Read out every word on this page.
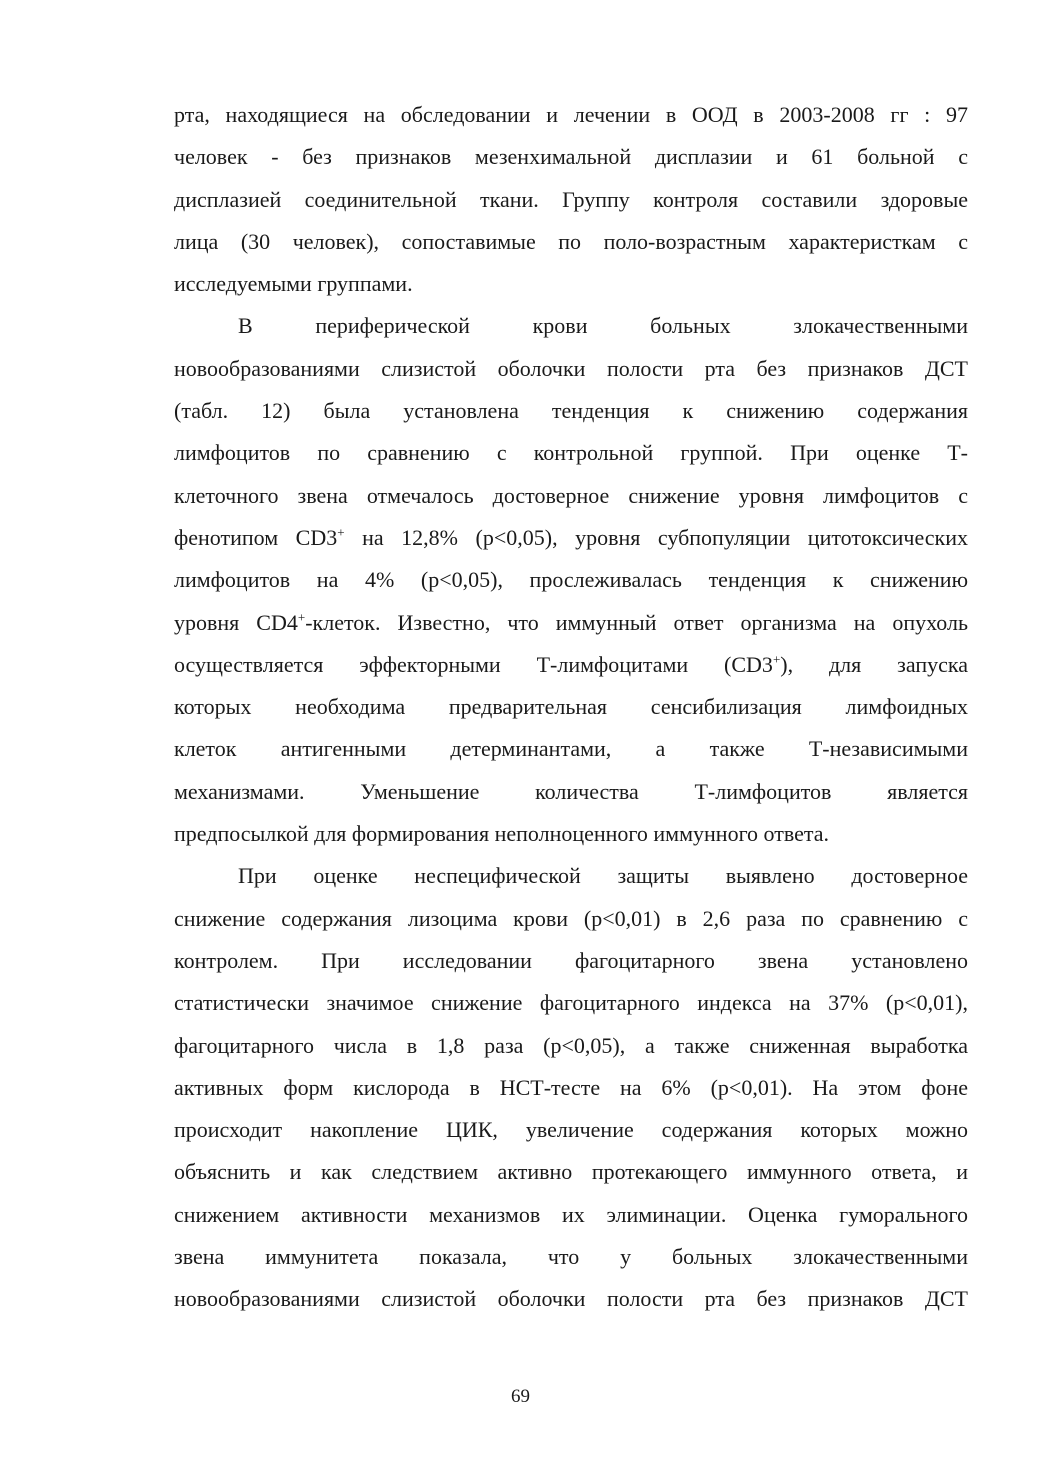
рта, находящиеся на обследовании и лечении в ООД в 2003-2008 гг : 97
человек - без признаков мезенхимальной дисплазии и 61 больной с
дисплазией соединительной ткани. Группу контроля составили здоровые
лица (30 человек), сопоставимые по поло-возрастным характеристкам с
исследуемыми группами.
В периферической крови больных злокачественными
новообразованиями слизистой оболочки полости рта без признаков ДСТ
(табл. 12) была установлена тенденция к снижению содержания
лимфоцитов по сравнению с контрольной группой. При оценке Т-
клеточного звена отмечалось достоверное снижение уровня лимфоцитов с
фенотипом CD3+ на 12,8% (p<0,05), уровня субпопуляции цитотоксических
лимфоцитов на 4% (p<0,05), прослеживалась тенденция к снижению
уровня CD4+-клеток. Известно, что иммунный ответ организма на опухоль
осуществляется эффекторными Т-лимфоцитами (CD3+), для запуска
которых необходима предварительная сенсибилизация лимфоидных
клеток антигенными детерминантами, а также Т-независимыми
механизмами. Уменьшение количества Т-лимфоцитов является
предпосылкой для формирования неполноценного иммунного ответа.
При оценке неспецифической защиты выявлено достоверное
снижение содержания лизоцима крови (p<0,01) в 2,6 раза по сравнению с
контролем. При исследовании фагоцитарного звена установлено
статистически значимое снижение фагоцитарного индекса на 37% (p<0,01),
фагоцитарного числа в 1,8 раза (p<0,05), а также сниженная выработка
активных форм кислорода в НСТ-тесте на 6% (p<0,01). На этом фоне
происходит накопление ЦИК, увеличение содержания которых можно
объяснить и как следствием активно протекающего иммунного ответа, и
снижением активности механизмов их элиминации. Оценка гуморального
звена иммунитета показала, что у больных злокачественными
новообразованиями слизистой оболочки полости рта без признаков ДСТ
69
